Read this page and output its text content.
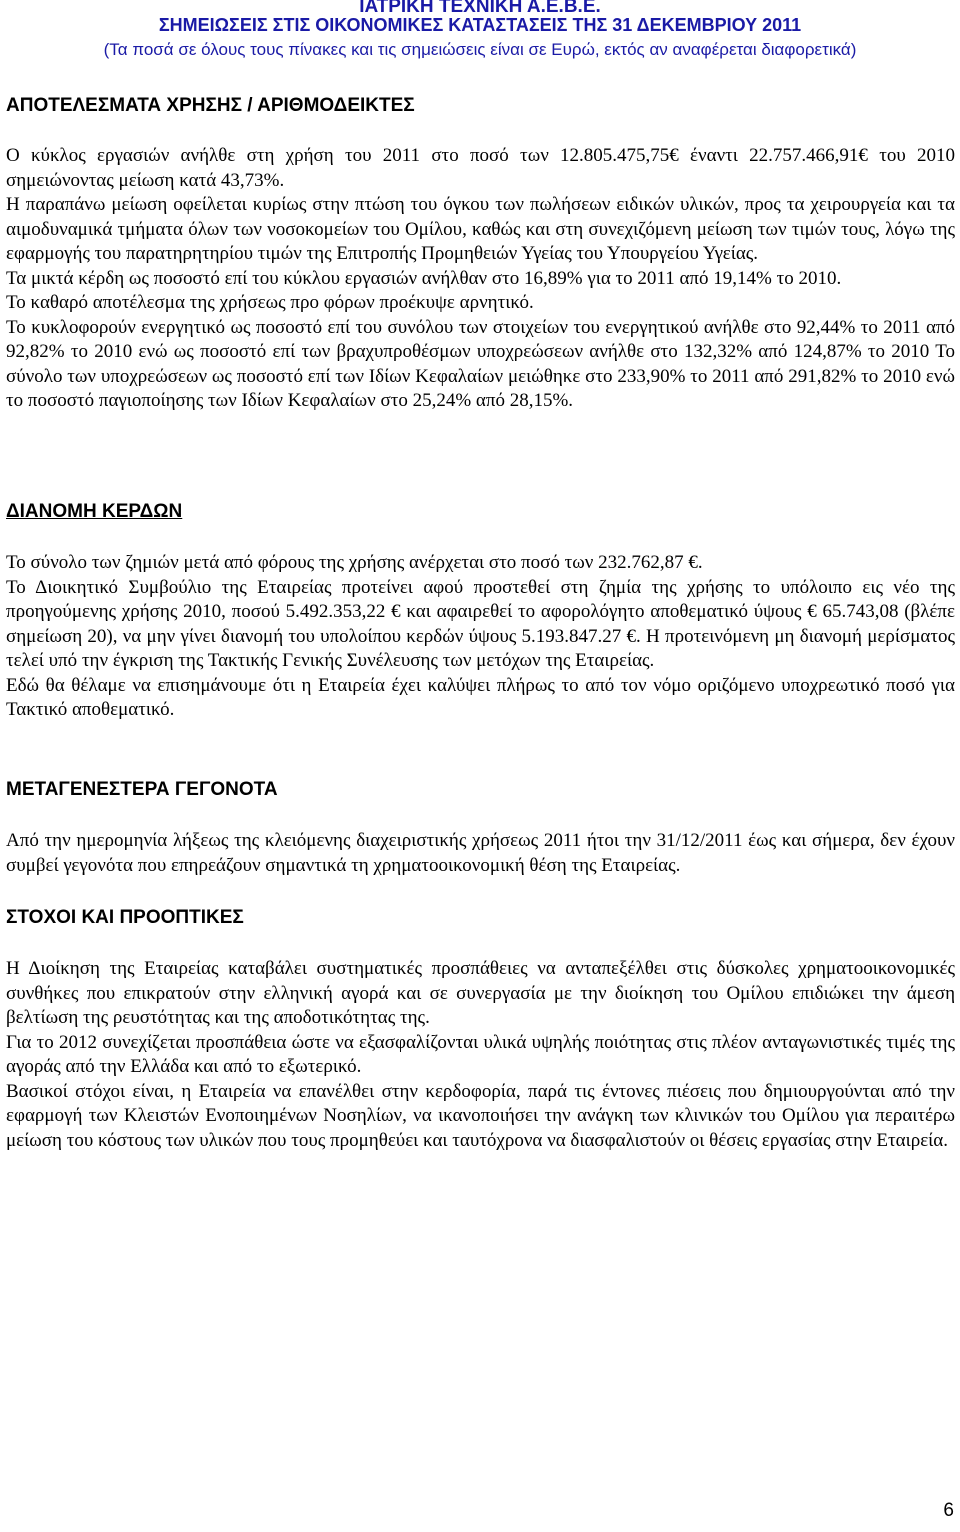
ΙΑΤΡΙΚΗ ΤΕΧΝΙΚΗ Α.Ε.Β.Ε.
ΣΗΜΕΙΩΣΕΙΣ ΣΤΙΣ ΟΙΚΟΝΟΜΙΚΕΣ ΚΑΤΑΣΤΑΣΕΙΣ ΤΗΣ 31 ΔΕΚΕΜΒΡΙΟΥ 2011
(Τα ποσά σε όλους τους πίνακες και τις σημειώσεις είναι σε Ευρώ, εκτός αν αναφέρεται διαφορετικά)
ΑΠΟΤΕΛΕΣΜΑΤΑ ΧΡΗΣΗΣ / ΑΡΙΘΜΟΔΕΙΚΤΕΣ

Ο κύκλος εργασιών ανήλθε στη χρήση του 2011 στο ποσό των 12.805.475,75€ έναντι 22.757.466,91€ του 2010 σημειώνοντας μείωση κατά 43,73%.

Η παραπάνω μείωση οφείλεται κυρίως στην πτώση του όγκου των πωλήσεων ειδικών υλικών, προς τα χειρουργεία και τα αιμοδυναμικά τμήματα όλων των νοσοκομείων του Ομίλου, καθώς και στη συνεχιζόμενη μείωση των τιμών τους, λόγω της εφαρμογής του παρατηρητηρίου τιμών της Επιτροπής Προμηθειών Υγείας του Υπουργείου Υγείας.

Τα μικτά κέρδη ως ποσοστό επί του κύκλου εργασιών ανήλθαν στο 16,89% για το 2011 από 19,14% το 2010.

Το καθαρό αποτέλεσμα της χρήσεως προ φόρων προέκυψε αρνητικό.

Το κυκλοφορούν ενεργητικό ως ποσοστό επί του συνόλου των στοιχείων του ενεργητικού ανήλθε στο 92,44% το 2011 από 92,82% το 2010 ενώ ως ποσοστό επί των βραχυπροθέσμων υποχρεώσεων ανήλθε στο 132,32% από 124,87% το 2010 Το σύνολο των υποχρεώσεων ως ποσοστό επί των Ιδίων Κεφαλαίων μειώθηκε στο 233,90% το 2011 από 291,82% το 2010 ενώ το ποσοστό παγιοποίησης των Ιδίων Κεφαλαίων στο 25,24% από 28,15%.

ΔΙΑΝΟΜΗ ΚΕΡΔΩΝ

Το σύνολο των ζημιών μετά από φόρους της χρήσης ανέρχεται στο ποσό των 232.762,87 €.

Το Διοικητικό Συμβούλιο της Εταιρείας προτείνει αφού προστεθεί στη ζημία της χρήσης το υπόλοιπο εις νέο της προηγούμενης χρήσης 2010, ποσού 5.492.353,22 € και αφαιρεθεί το αφορολόγητο αποθεματικό ύψους € 65.743,08 (βλέπε σημείωση 20), να μην γίνει διανομή του υπολοίπου κερδών ύψους 5.193.847.27 €. Η προτεινόμενη μη διανομή μερίσματος τελεί υπό την έγκριση της Τακτικής Γενικής Συνέλευσης των μετόχων της Εταιρείας.

Εδώ θα θέλαμε να επισημάνουμε ότι η Εταιρεία έχει καλύψει πλήρως το από τον νόμο οριζόμενο υποχρεωτικό ποσό για Τακτικό αποθεματικό.

ΜΕΤΑΓΕΝΕΣΤΕΡΑ ΓΕΓΟΝΟΤΑ

Από την ημερομηνία λήξεως της κλειόμενης διαχειριστικής χρήσεως 2011 ήτοι την 31/12/2011 έως και σήμερα, δεν έχουν συμβεί γεγονότα που επηρεάζουν σημαντικά τη χρηματοοικονομική θέση της Εταιρείας.

ΣΤΟΧΟΙ ΚΑΙ ΠΡΟΟΠΤΙΚΕΣ

Η Διοίκηση της Εταιρείας καταβάλει συστηματικές προσπάθειες να ανταπεξέλθει στις δύσκολες χρηματοοικονομικές συνθήκες που επικρατούν στην ελληνική αγορά και σε συνεργασία με την διοίκηση του Ομίλου επιδιώκει την άμεση βελτίωση της ρευστότητας και της αποδοτικότητας της.

Για το 2012 συνεχίζεται προσπάθεια ώστε να εξασφαλίζονται υλικά υψηλής ποιότητας στις πλέον ανταγωνιστικές τιμές της αγοράς από την Ελλάδα και από το εξωτερικό.

Βασικοί στόχοι είναι, η Εταιρεία να επανέλθει στην κερδοφορία, παρά τις έντονες πιέσεις που δημιουργούνται από την εφαρμογή των Κλειστών Ενοποιημένων Νοσηλίων, να ικανοποιήσει την ανάγκη των κλινικών του Ομίλου για περαιτέρω μείωση του κόστους των υλικών που τους προμηθεύει και ταυτόχρονα να διασφαλιστούν οι θέσεις εργασίας στην Εταιρεία.

6
